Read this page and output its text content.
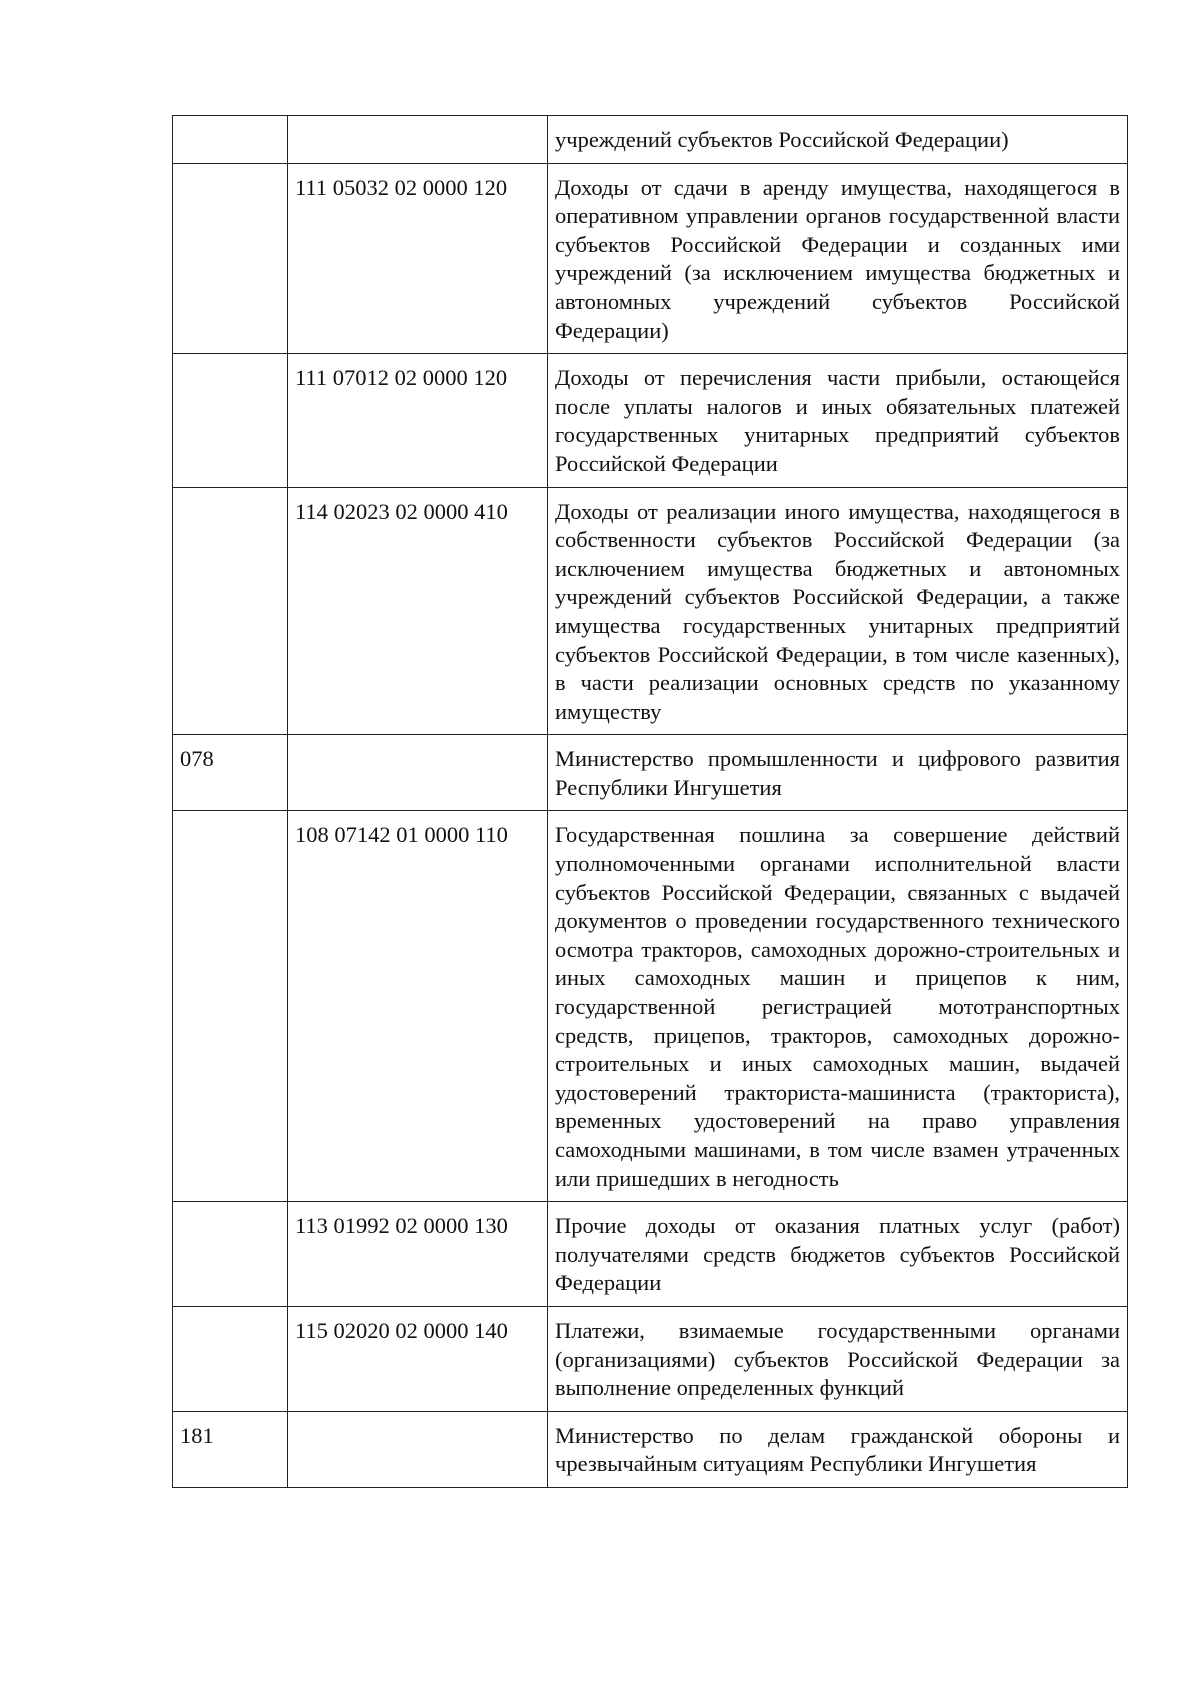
		учреждений субъектов Российской Федерации)
	111 05032 02 0000 120	Доходы от сдачи в аренду имущества, находящегося в оперативном управлении органов государственной власти субъектов Российской Федерации и созданных ими учреждений (за исключением имущества бюджетных и автономных учреждений субъектов Российской Федерации)
	111 07012 02 0000 120	Доходы от перечисления части прибыли, остающейся после уплаты налогов и иных обязательных платежей государственных унитарных предприятий субъектов Российской Федерации
	114 02023 02 0000 410	Доходы от реализации иного имущества, находящегося в собственности субъектов Российской Федерации (за исключением имущества бюджетных и автономных учреждений субъектов Российской Федерации, а также имущества государственных унитарных предприятий субъектов Российской Федерации, в том числе казенных), в части реализации основных средств по указанному имуществу
078		Министерство промышленности и цифрового развития Республики Ингушетия
	108 07142 01 0000 110	Государственная пошлина за совершение действий уполномоченными органами исполнительной власти субъектов Российской Федерации, связанных с выдачей документов о проведении государственного технического осмотра тракторов, самоходных дорожно-строительных и иных самоходных машин и прицепов к ним, государственной регистрацией мототранспортных средств, прицепов, тракторов, самоходных дорожно-строительных и иных самоходных машин, выдачей удостоверений тракториста-машиниста (тракториста), временных удостоверений на право управления самоходными машинами, в том числе взамен утраченных или пришедших в негодность
	113 01992 02 0000 130	Прочие доходы от оказания платных услуг (работ) получателями средств бюджетов субъектов Российской Федерации
	115 02020 02 0000 140	Платежи, взимаемые государственными органами (организациями) субъектов Российской Федерации за выполнение определенных функций
181		Министерство по делам гражданской обороны и чрезвычайным ситуациям Республики Ингушетия
